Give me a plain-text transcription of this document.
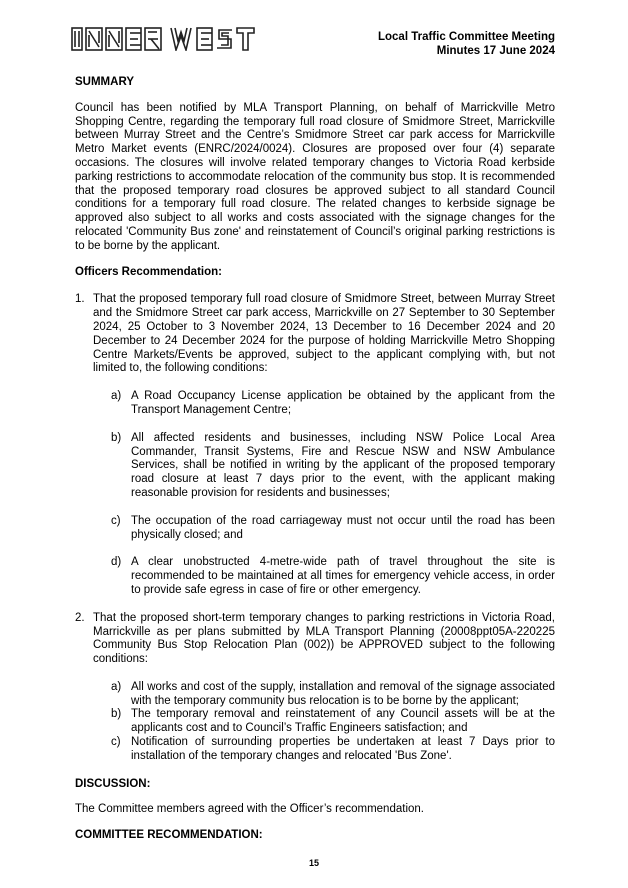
Local Traffic Committee Meeting
Minutes 17 June 2024

SUMMARY

Council has been notified by MLA Transport Planning, on behalf of Marrickville Metro Shopping Centre, regarding the temporary full road closure of Smidmore Street, Marrickville between Murray Street and the Centre’s Smidmore Street car park access for Marrickville Metro Market events (ENRC/2024/0024). Closures are proposed over four (4) separate occasions. The closures will involve related temporary changes to Victoria Road kerbside parking restrictions to accommodate relocation of the community bus stop. It is recommended that the proposed temporary road closures be approved subject to all standard Council conditions for a temporary full road closure. The related changes to kerbside signage be approved also subject to all works and costs associated with the signage changes for the relocated 'Community Bus zone' and reinstatement of Council’s original parking restrictions is to be borne by the applicant.

Officers Recommendation:

1. That the proposed temporary full road closure of Smidmore Street, between Murray Street and the Smidmore Street car park access, Marrickville on 27 September to 30 September 2024, 25 October to 3 November 2024, 13 December to 16 December 2024 and 20 December to 24 December 2024 for the purpose of holding Marrickville Metro Shopping Centre Markets/Events be approved, subject to the applicant complying with, but not limited to, the following conditions:

a) A Road Occupancy License application be obtained by the applicant from the Transport Management Centre;

b) All affected residents and businesses, including NSW Police Local Area Commander, Transit Systems, Fire and Rescue NSW and NSW Ambulance Services, shall be notified in writing by the applicant of the proposed temporary road closure at least 7 days prior to the event, with the applicant making reasonable provision for residents and businesses;

c) The occupation of the road carriageway must not occur until the road has been physically closed; and

d) A clear unobstructed 4-metre-wide path of travel throughout the site is recommended to be maintained at all times for emergency vehicle access, in order to provide safe egress in case of fire or other emergency.

2. That the proposed short-term temporary changes to parking restrictions in Victoria Road, Marrickville as per plans submitted by MLA Transport Planning (20008ppt05A-220225 Community Bus Stop Relocation Plan (002)) be APPROVED subject to the following conditions:

a) All works and cost of the supply, installation and removal of the signage associated with the temporary community bus relocation is to be borne by the applicant;

b) The temporary removal and reinstatement of any Council assets will be at the applicants cost and to Council’s Traffic Engineers satisfaction; and

c) Notification of surrounding properties be undertaken at least 7 Days prior to installation of the temporary changes and relocated 'Bus Zone'.

DISCUSSION:

The Committee members agreed with the Officer’s recommendation.

COMMITTEE RECOMMENDATION:

15
